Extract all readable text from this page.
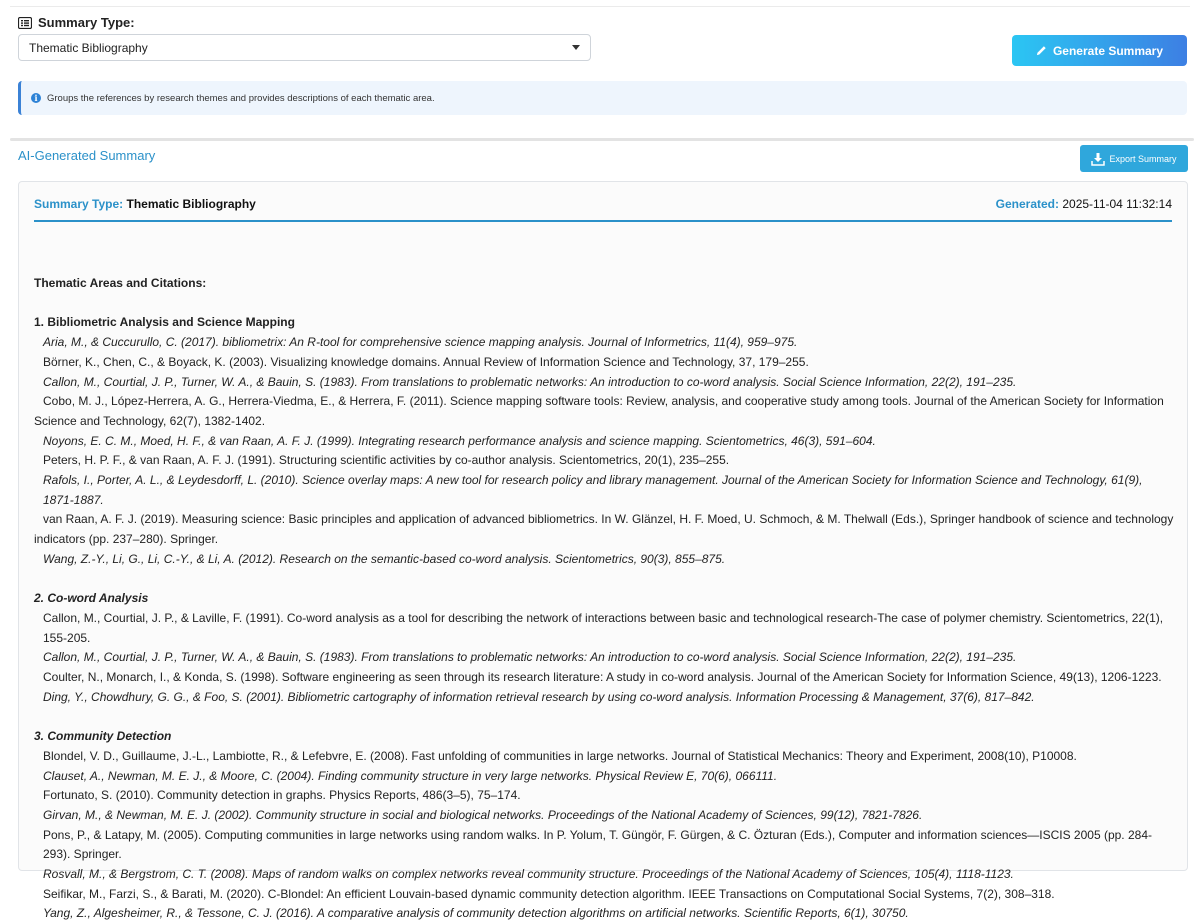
Summary Type:
Thematic Bibliography	Generate Summary
i Groups the references by research themes and provides descriptions of each thematic area.
AI-Generated Summary	Export Summary
Summary Type: Thematic Bibliography	Generated: 2025-11-04 11:32:14
Thematic Areas and Citations:
1. Bibliometric Analysis and Science Mapping
Aria, M., & Cuccurullo, C. (2017). bibliometrix: An R-tool for comprehensive science mapping analysis. Journal of Informetrics, 11(4), 959–975.
Börner, K., Chen, C., & Boyack, K. (2003). Visualizing knowledge domains. Annual Review of Information Science and Technology, 37, 179–255.
Callon, M., Courtial, J. P., Turner, W. A., & Bauin, S. (1983). From translations to problematic networks: An introduction to co-word analysis. Social Science Information, 22(2), 191–235.
Cobo, M. J., López-Herrera, A. G., Herrera-Viedma, E., & Herrera, F. (2011). Science mapping software tools: Review, analysis, and cooperative study among tools. Journal of the American Society for Information Science and Technology, 62(7), 1382-1402.
Noyons, E. C. M., Moed, H. F., & van Raan, A. F. J. (1999). Integrating research performance analysis and science mapping. Scientometrics, 46(3), 591–604.
Peters, H. P. F., & van Raan, A. F. J. (1991). Structuring scientific activities by co-author analysis. Scientometrics, 20(1), 235–255.
Rafols, I., Porter, A. L., & Leydesdorff, L. (2010). Science overlay maps: A new tool for research policy and library management. Journal of the American Society for Information Science and Technology, 61(9), 1871-1887.
van Raan, A. F. J. (2019). Measuring science: Basic principles and application of advanced bibliometrics. In W. Glänzel, H. F. Moed, U. Schmoch, & M. Thelwall (Eds.), Springer handbook of science and technology indicators (pp. 237–280). Springer.
Wang, Z.-Y., Li, G., Li, C.-Y., & Li, A. (2012). Research on the semantic-based co-word analysis. Scientometrics, 90(3), 855–875.
2. Co-word Analysis
Callon, M., Courtial, J. P., & Laville, F. (1991). Co-word analysis as a tool for describing the network of interactions between basic and technological research-The case of polymer chemistry. Scientometrics, 22(1), 155-205.
Callon, M., Courtial, J. P., Turner, W. A., & Bauin, S. (1983). From translations to problematic networks: An introduction to co-word analysis. Social Science Information, 22(2), 191–235.
Coulter, N., Monarch, I., & Konda, S. (1998). Software engineering as seen through its research literature: A study in co-word analysis. Journal of the American Society for Information Science, 49(13), 1206-1223.
Ding, Y., Chowdhury, G. G., & Foo, S. (2001). Bibliometric cartography of information retrieval research by using co-word analysis. Information Processing & Management, 37(6), 817–842.
3. Community Detection
Blondel, V. D., Guillaume, J.-L., Lambiotte, R., & Lefebvre, E. (2008). Fast unfolding of communities in large networks. Journal of Statistical Mechanics: Theory and Experiment, 2008(10), P10008.
Clauset, A., Newman, M. E. J., & Moore, C. (2004). Finding community structure in very large networks. Physical Review E, 70(6), 066111.
Fortunato, S. (2010). Community detection in graphs. Physics Reports, 486(3–5), 75–174.
Girvan, M., & Newman, M. E. J. (2002). Community structure in social and biological networks. Proceedings of the National Academy of Sciences, 99(12), 7821-7826.
Pons, P., & Latapy, M. (2005). Computing communities in large networks using random walks. In P. Yolum, T. Güngör, F. Gürgen, & C. Özturan (Eds.), Computer and information sciences—ISCIS 2005 (pp. 284-293). Springer.
Rosvall, M., & Bergstrom, C. T. (2008). Maps of random walks on complex networks reveal community structure. Proceedings of the National Academy of Sciences, 105(4), 1118-1123.
Seifikar, M., Farzi, S., & Barati, M. (2020). C-Blondel: An efficient Louvain-based dynamic community detection algorithm. IEEE Transactions on Computational Social Systems, 7(2), 308–318.
Yang, Z., Algesheimer, R., & Tessone, C. J. (2016). A comparative analysis of community detection algorithms on artificial networks. Scientific Reports, 6(1), 30750.
